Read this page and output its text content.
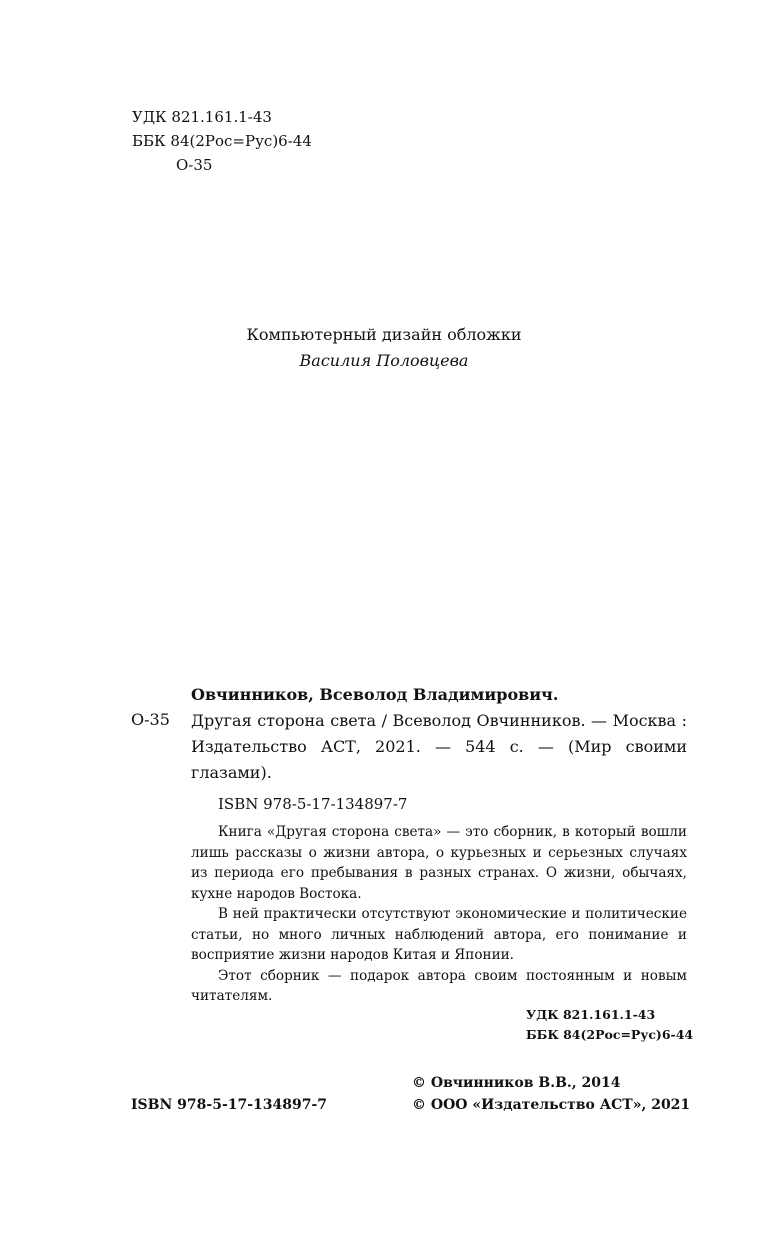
УДК 821.161.1-43
ББК 84(2Рос=Рус)6-44
О-35
Компьютерный дизайн обложки
Василия Половцева
Овчинников, Всеволод Владимирович.
О-35 Другая сторона света / Всеволод Овчинников. — Москва : Издательство АСТ, 2021. — 544 с. — (Мир своими глазами).
ISBN 978-5-17-134897-7

Книга «Другая сторона света» — это сборник, в который вошли лишь рассказы о жизни автора, о курьезных и серьезных случаях из периода его пребывания в разных странах. О жизни, обычаях, кухне народов Востока.

В ней практически отсутствуют экономические и политические статьи, но много личных наблюдений автора, его понимание и восприятие жизни народов Китая и Японии.

Этот сборник — подарок автора своим постоянным и новым читателям.

УДК 821.161.1-43
ББК 84(2Рос=Рус)6-44
ISBN 978-5-17-134897-7
© Овчинников В.В., 2014
© ООО «Издательство АСТ», 2021
